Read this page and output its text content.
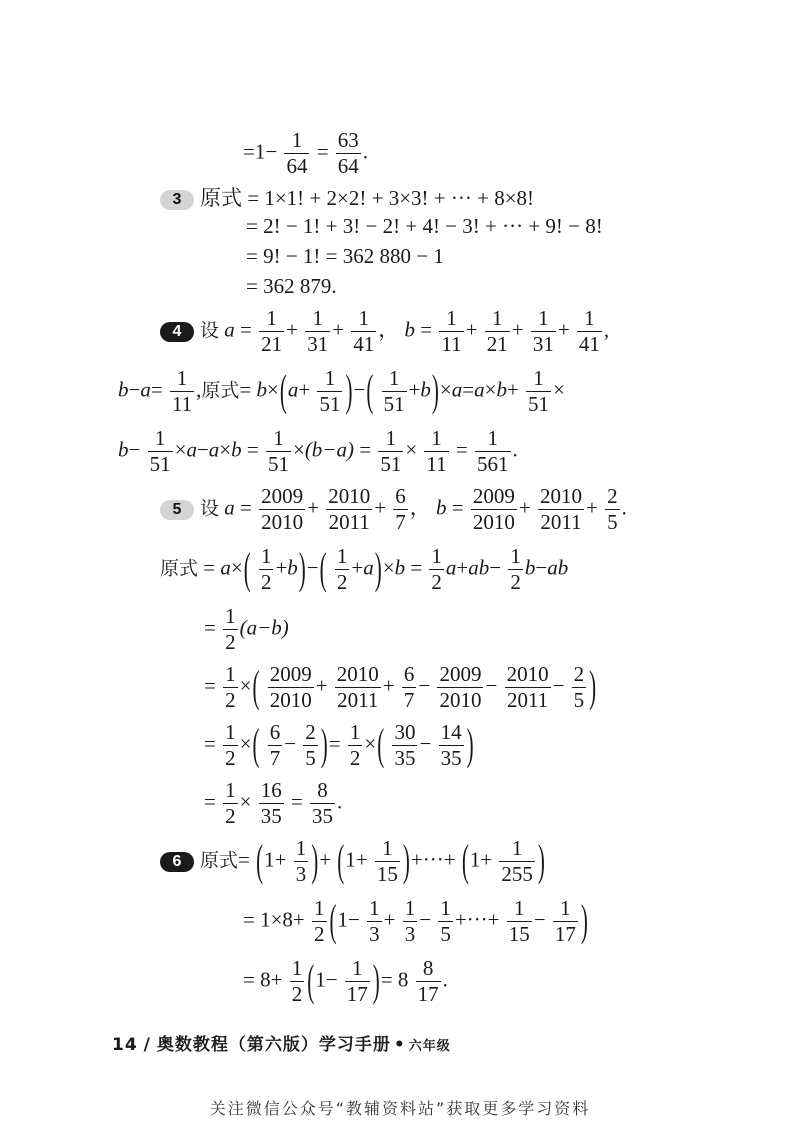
$=1- \frac{1}{64} = \frac{63}{64}$ .
3 原式 = 1×1! + 2×2! + 3×3! + ··· + 8×8!
= 2! − 1! + 3! − 2! + 4! − 3! + ··· + 9! − 8!
= 9! − 1! = 362 880 − 1
= 362 879.
4 设 $a = \frac{1}{21} + \frac{1}{31} + \frac{1}{41}$ ， $b = \frac{1}{11} + \frac{1}{21} + \frac{1}{31} + \frac{1}{41}$ ,
$b-a= \frac{1}{11}$ ,原式= $b\times(a+ \frac{1}{51}$ )−( $\frac{1}{51} +b)\times a=a\times b+ \frac{1}{51}$ ×
$b- \frac{1}{51} \times a-a\times b = \frac{1}{51} \times(b-a) = \frac{1}{51} \times \frac{1}{11} = \frac{1}{561}$ .
5 设 $a = \frac{2009}{2010} + \frac{2010}{2011} + \frac{6}{7}$ ， $b = \frac{2009}{2010} + \frac{2010}{2011} + \frac{2}{5}$ .
原式 = $a\times( \frac{1}{2} +b)-( \frac{1}{2} +a)\times b = \frac{1}{2} a+ab- \frac{1}{2} b-ab$
= $\frac{1}{2} (a-b)$
= $\frac{1}{2}$ ×( $\frac{2009}{2010} + \frac{2010}{2011} + \frac{6}{7} - \frac{2009}{2010} - \frac{2010}{2011} - \frac{2}{5}$ )
= $\frac{1}{2}$ ×( $\frac{6}{7} - \frac{2}{5}$ )= $\frac{1}{2}$ ×( $\frac{30}{35} - \frac{14}{35}$ )
= $\frac{1}{2} \times \frac{16}{35} = \frac{8}{35}$ .
6 原式= ($1+ \frac{1}{3}$ )+ ($1+ \frac{1}{15}$ )+···+ ($1+ \frac{1}{255}$ )
= $1\times 8+ \frac{1}{2} (1- \frac{1}{3} + \frac{1}{3} - \frac{1}{5}$ +···+ $\frac{1}{15} - \frac{1}{17}$ )
= $8+ \frac{1}{2} (1- \frac{1}{17}$ )= $8 \frac{8}{17}$ .
14 / 奥数教程（第六版）学习手册 • 六年级
关注微信公众号“教辅资料站”获取更多学习资料
